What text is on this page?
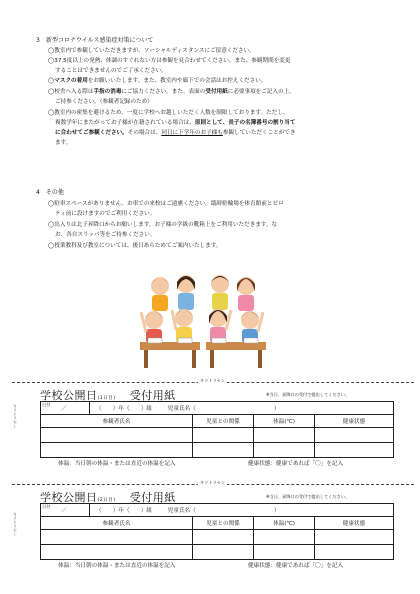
3　新型コロナウイルス感染症対策について
◯教室内で参観していただきますが、ソーシャルディスタンスにご留意ください。
◯37.5度以上の発熱、体調のすぐれない方は参観を見合わせてください。また、参観期間を変更
することはできませんのでご了承ください。
◯マスクの着用をお願いいたします。また、教室内や廊下での会話はお控えください。
◯校舎へ入る際は手指の消毒にご協力ください。また、表面の受付用紙に必要事項をご記入の上、
ご持参ください。（参観者記録のため）
◯教室内の密集を避けるため、一度に学校へお越しいただく人数を制限しております。ただし、
複数学年にまたがってお子様が在籍されている場合は、原則として、長子の名簿番号の割り当て
に合わせてご参観ください。その場合は、同日に下学年のお子様も参観していただくことができ
ます。
4　その他
◯駐車スペースがありません。お車での来校はご遠慮ください。臨時駐輪場を体育館前とピロ
ティ前に設けますのでご利用ください。
◯出入りは北子昇降口からお願いします。お子様の学級の靴箱上をご利用いただきます。な
お、各自スリッパ等をご持参ください。
◯授業教科及び教室については、後日あらためてご案内いたします。
キリトリセン
学校公開日(1日目) 受付用紙	※当日、昇降口の受付で提出してください。
日付
／	（　　）年（　　）組 児童氏名（　　　　　　　　　　　　　　）			
参観者氏名		児童との関係	体温(℃)	健康状態

体温：当日朝の体温・または直近の体温を記入	健康状態：健康であれば「〇」を記入
キリトリセン
学校公開日(2日目) 受付用紙	※当日、昇降口の受付で提出してください。
日付
／	（　　）年（　　）組 児童氏名（　　　　　　　　　　　　　　）			
参観者氏名		児童との関係	体温(℃)	健康状態

体温：当日朝の体温・または直近の体温を記入	健康状態：健康であれば「〇」を記入
キリトリセン
キリトリセン
